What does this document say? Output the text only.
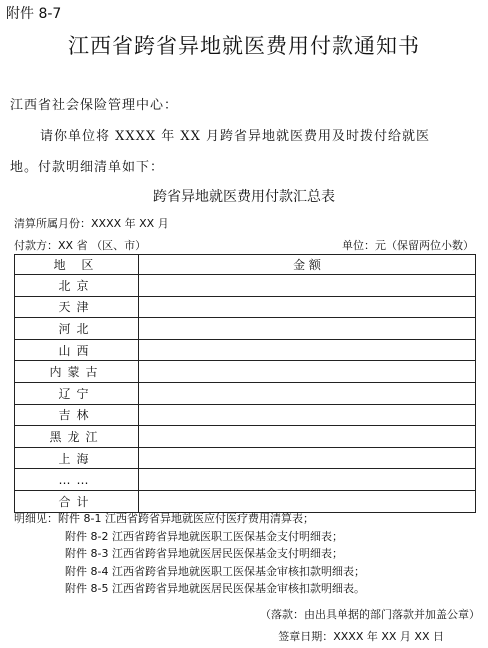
附件 8-7
江西省跨省异地就医费用付款通知书
江西省社会保险管理中心：
请你单位将 XXXX 年 XX 月跨省异地就医费用及时拨付给就医
地。付款明细清单如下：
跨省异地就医费用付款汇总表
清算所属月份：XXXX 年 XX 月
付款方：XX 省 （区、市）	单位：元（保留两位小数）
地 区	金 额
北京	
天津	
河北	
山西	
内蒙古	
辽宁	
吉林	
黑龙江	
上海	
……	
合计	
明细见：附件 8-1 江西省跨省异地就医应付医疗费用清算表；
附件 8-2 江西省跨省异地就医职工医保基金支付明细表；
附件 8-3 江西省跨省异地就医居民医保基金支付明细表；
附件 8-4 江西省跨省异地就医职工医保基金审核扣款明细表；
附件 8-5 江西省跨省异地就医居民医保基金审核扣款明细表。
（落款：由出具单据的部门落款并加盖公章）
签章日期：XXXX 年 XX 月 XX 日
